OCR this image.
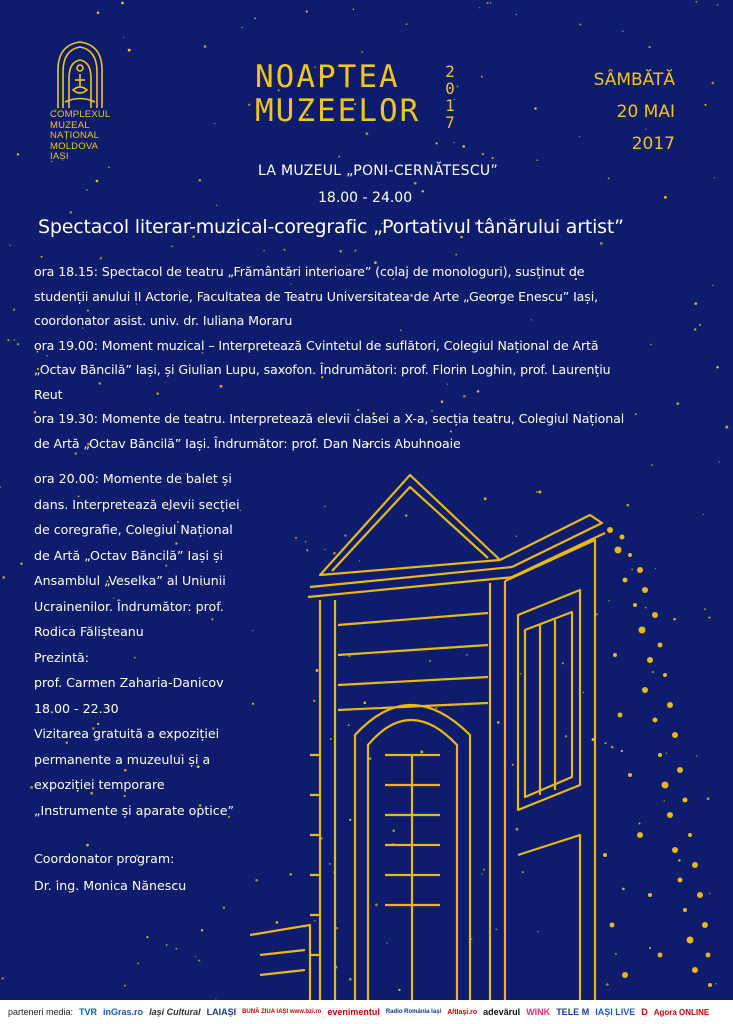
COMPLEXUL
MUZEAL
NAȚIONAL
MOLDOVA
IAȘI
NOAPTEA
MUZEELOR
2
0
1
7
SÂMBĂTĂ
20 MAI
2017
LA MUZEUL „PONI-CERNĂTESCU”
18.00 - 24.00
Spectacol literar-muzical-coregrafic „Portativul tânărului artist”

ora 18.15: Spectacol de teatru „Frământări interioare” (colaj de monologuri), susținut de

studenții anului II Actorie, Facultatea de Teatru Universitatea de Arte „George Enescu” Iași,

coordonator asist. univ. dr. Iuliana Moraru

ora 19.00: Moment muzical – Interpretează Cvintetul de suflători, Colegiul Național de Artă

„Octav Băncilă” Iași, și Giulian Lupu, saxofon. Îndrumători: prof. Florin Loghin, prof. Laurențiu

Reut

ora 19.30: Momente de teatru. Interpretează elevii clasei a X-a, secția teatru, Colegiul Național

de Artă „Octav Băncilă” Iași. Îndrumător: prof. Dan Narcis Abuhnoaie

ora 20.00: Momente de balet și

dans. Interpretează elevii secției

de coregrafie, Colegiul Național

de Artă „Octav Băncilă” Iași și

Ansamblul „Veselka” al Uniunii

Ucrainenilor. Îndrumător: prof.

Rodica Fălișteanu

Prezintă:

prof. Carmen Zaharia-Danicov

18.00 - 22.30

Vizitarea gratuită a expoziției

permanente a muzeului și a

expoziției temporare

„Instrumente și aparate optice”

Coordonator program:

Dr. ing. Monica Nănescu

parteneri media: TVR inGras.ro Iași Cultural LAIAȘI BUNĂ ZIUA IAȘI www.bzi.ro evenimentul Radio România Iași AltIași.ro adevărul WINK TELE M IAȘI LIVE D Agora ONLINE
